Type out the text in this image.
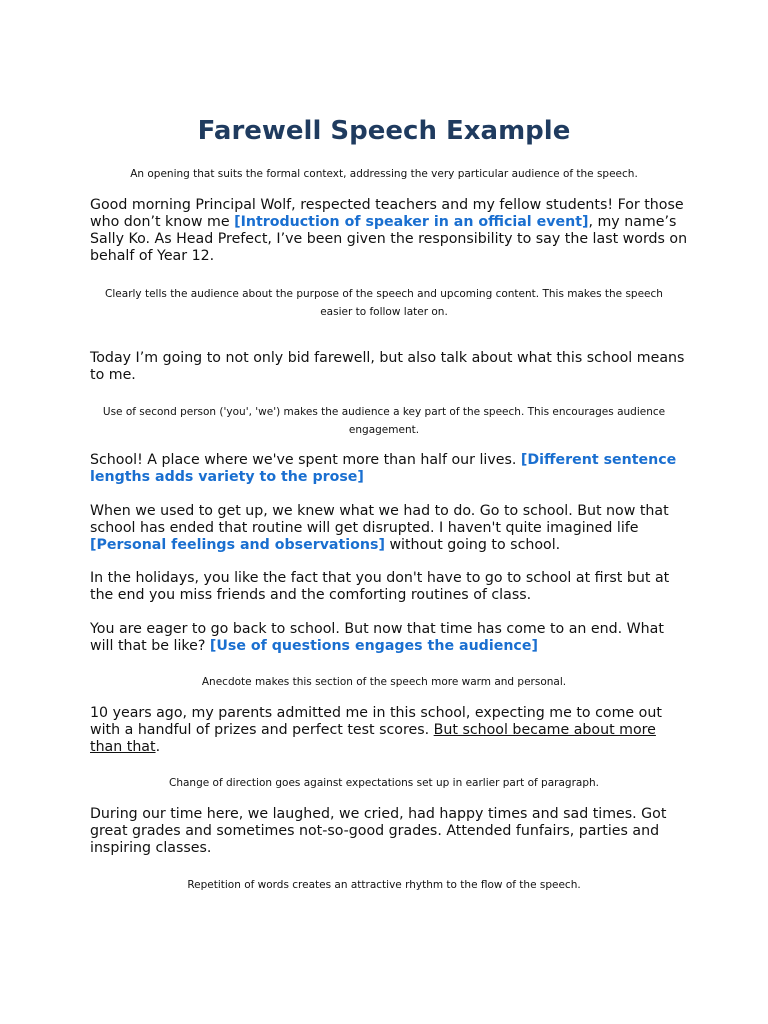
Farewell Speech Example

An opening that suits the formal context, addressing the very particular audience of the speech.

Good morning Principal Wolf, respected teachers and my fellow students! For those who don’t know me [Introduction of speaker in an official event], my name’s Sally Ko. As Head Prefect, I’ve been given the responsibility to say the last words on behalf of Year 12.

Clearly tells the audience about the purpose of the speech and upcoming content. This makes the speech easier to follow later on.

Today I’m going to not only bid farewell, but also talk about what this school means to me.

Use of second person ('you', 'we') makes the audience a key part of the speech. This encourages audience engagement.

School! A place where we've spent more than half our lives. [Different sentence lengths adds variety to the prose]

When we used to get up, we knew what we had to do. Go to school. But now that school has ended that routine will get disrupted. I haven't quite imagined life [Personal feelings and observations] without going to school.

In the holidays, you like the fact that you don't have to go to school at first but at the end you miss friends and the comforting routines of class.

You are eager to go back to school. But now that time has come to an end. What will that be like? [Use of questions engages the audience]

Anecdote makes this section of the speech more warm and personal.

10 years ago, my parents admitted me in this school, expecting me to come out with a handful of prizes and perfect test scores. But school became about more than that.

Change of direction goes against expectations set up in earlier part of paragraph.

During our time here, we laughed, we cried, had happy times and sad times. Got great grades and sometimes not-so-good grades. Attended funfairs, parties and inspiring classes.

Repetition of words creates an attractive rhythm to the flow of the speech.
